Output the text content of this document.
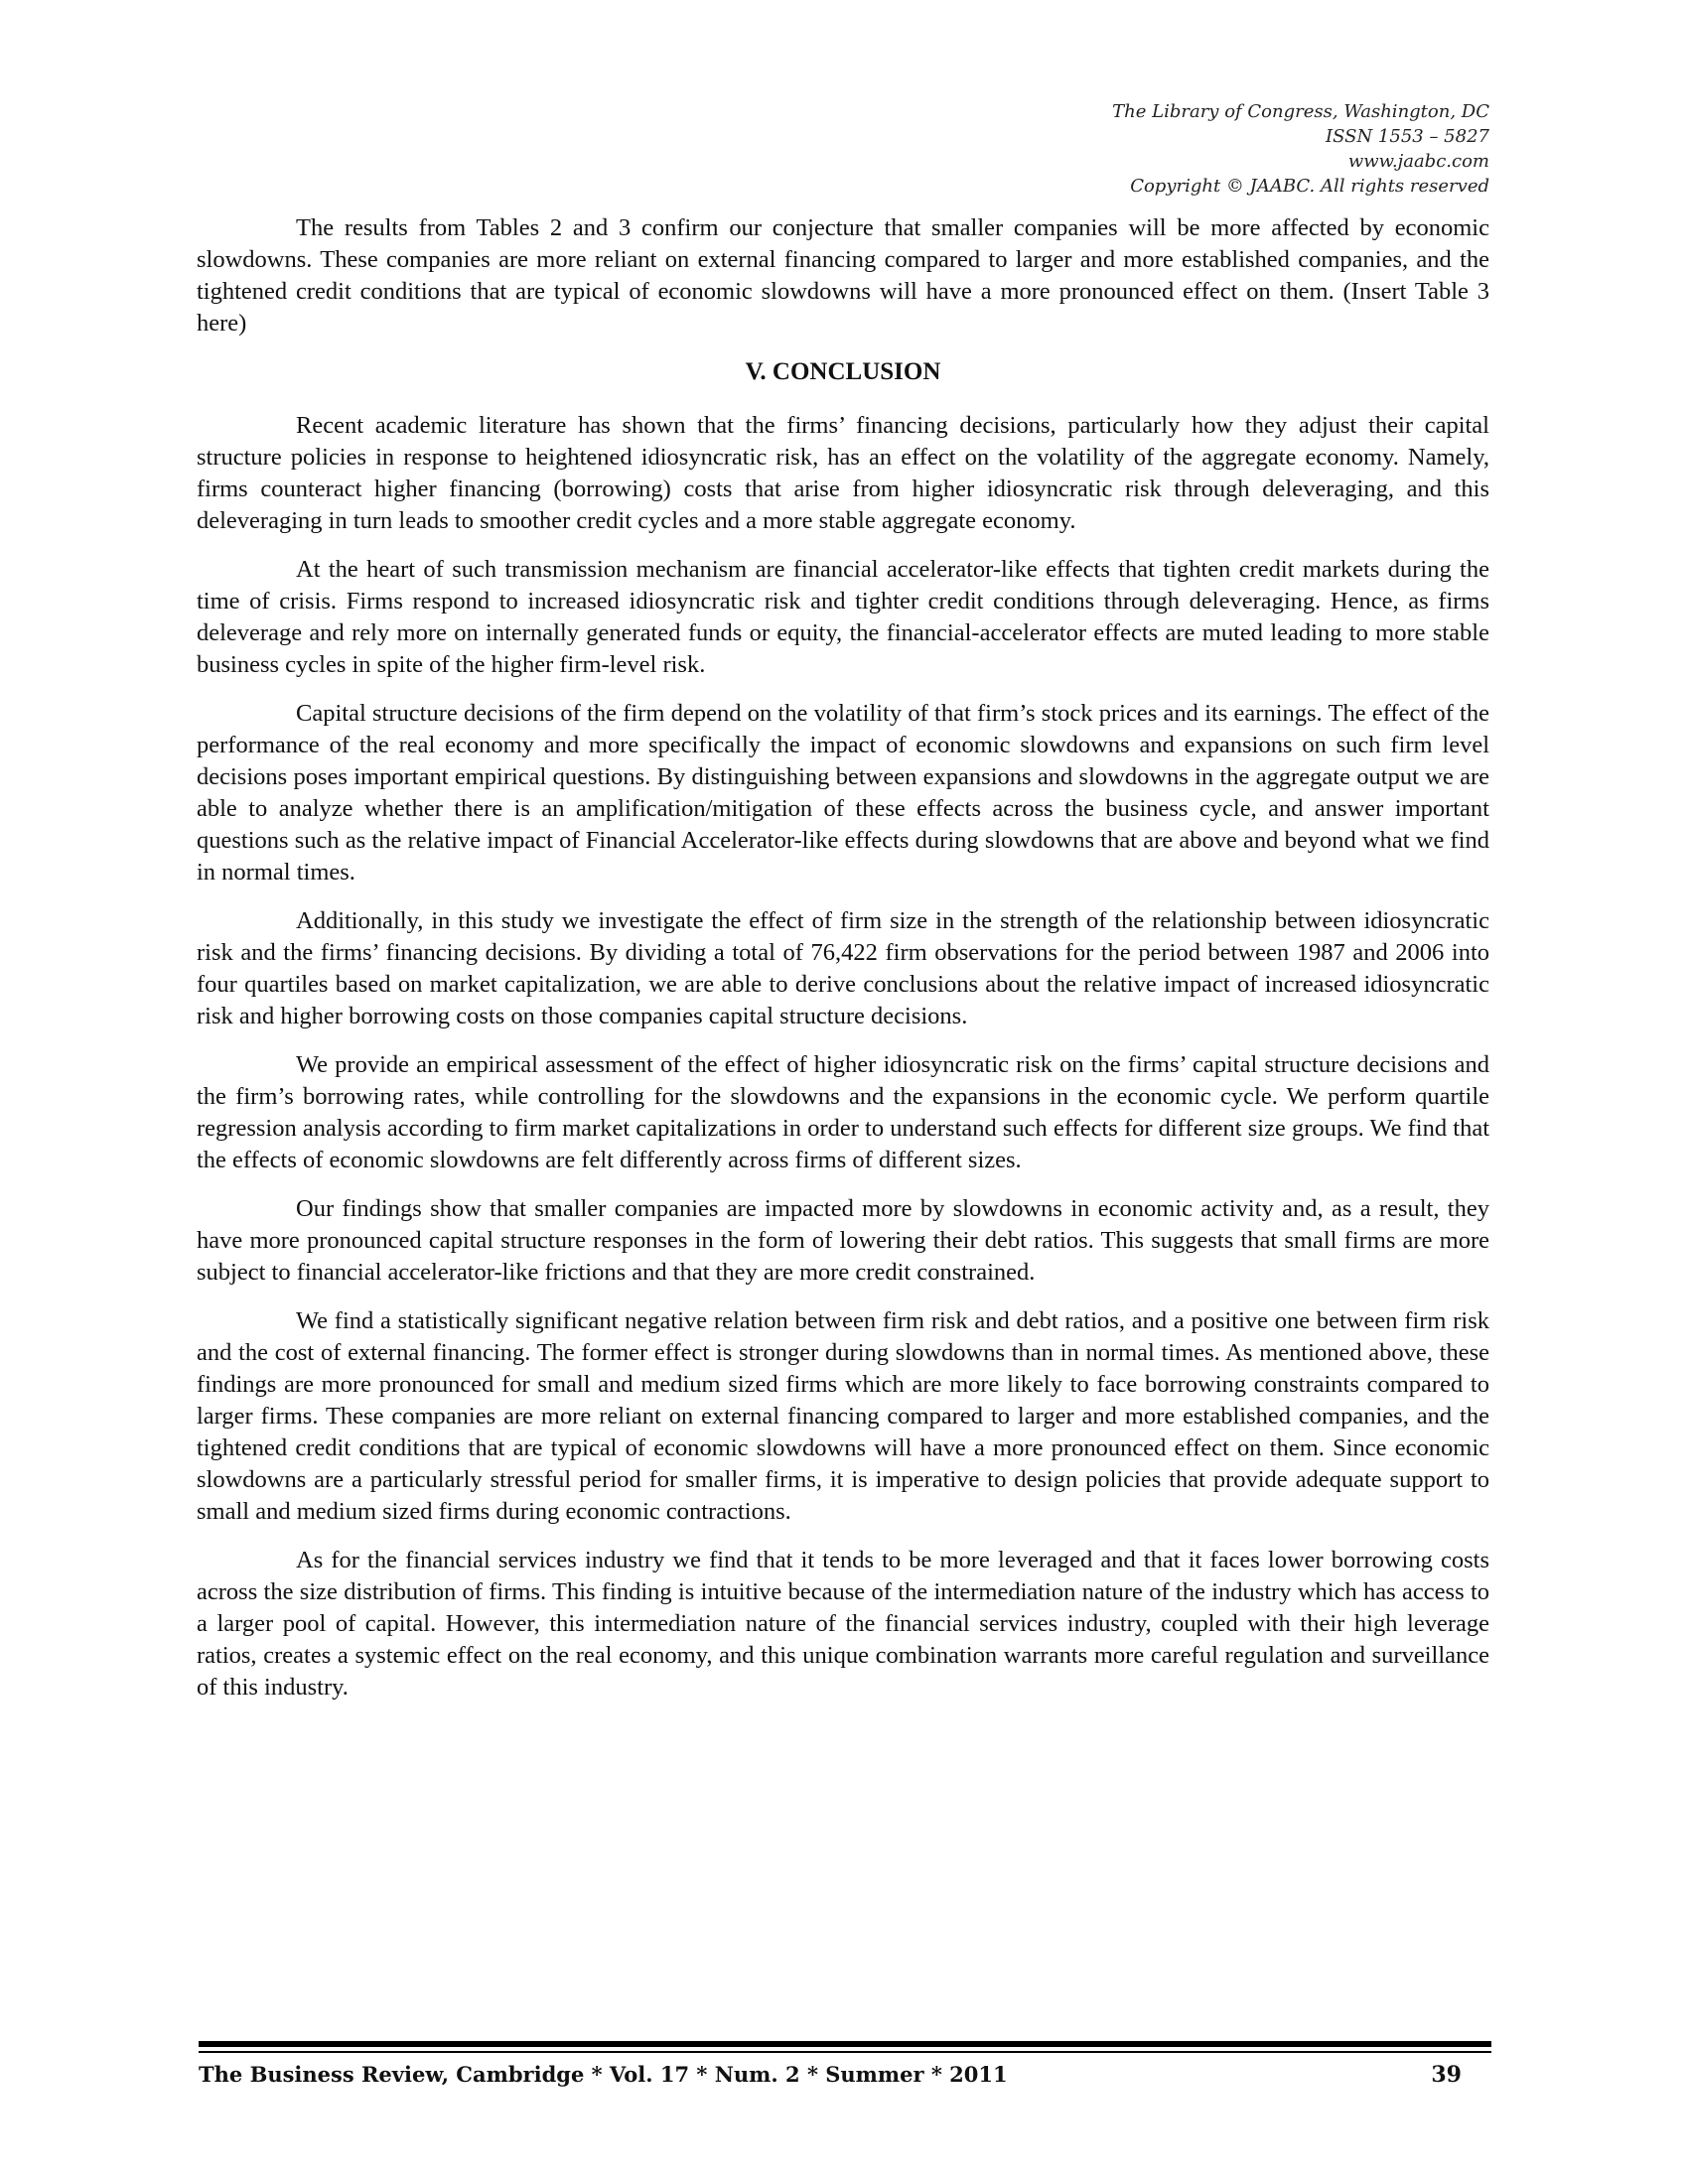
The Library of Congress, Washington, DC
ISSN 1553 – 5827
www.jaabc.com
Copyright © JAABC. All rights reserved

The results from Tables 2 and 3 confirm our conjecture that smaller companies will be more affected by economic slowdowns. These companies are more reliant on external financing compared to larger and more established companies, and the tightened credit conditions that are typical of economic slowdowns will have a more pronounced effect on them. (Insert Table 3 here)

V. CONCLUSION

Recent academic literature has shown that the firms’ financing decisions, particularly how they adjust their capital structure policies in response to heightened idiosyncratic risk, has an effect on the volatility of the aggregate economy. Namely, firms counteract higher financing (borrowing) costs that arise from higher idiosyncratic risk through deleveraging, and this deleveraging in turn leads to smoother credit cycles and a more stable aggregate economy.

At the heart of such transmission mechanism are financial accelerator-like effects that tighten credit markets during the time of crisis. Firms respond to increased idiosyncratic risk and tighter credit conditions through deleveraging. Hence, as firms deleverage and rely more on internally generated funds or equity, the financial-accelerator effects are muted leading to more stable business cycles in spite of the higher firm-level risk.

Capital structure decisions of the firm depend on the volatility of that firm’s stock prices and its earnings. The effect of the performance of the real economy and more specifically the impact of economic slowdowns and expansions on such firm level decisions poses important empirical questions. By distinguishing between expansions and slowdowns in the aggregate output we are able to analyze whether there is an amplification/mitigation of these effects across the business cycle, and answer important questions such as the relative impact of Financial Accelerator-like effects during slowdowns that are above and beyond what we find in normal times.

Additionally, in this study we investigate the effect of firm size in the strength of the relationship between idiosyncratic risk and the firms’ financing decisions. By dividing a total of 76,422 firm observations for the period between 1987 and 2006 into four quartiles based on market capitalization, we are able to derive conclusions about the relative impact of increased idiosyncratic risk and higher borrowing costs on those companies capital structure decisions.

We provide an empirical assessment of the effect of higher idiosyncratic risk on the firms’ capital structure decisions and the firm’s borrowing rates, while controlling for the slowdowns and the expansions in the economic cycle. We perform quartile regression analysis according to firm market capitalizations in order to understand such effects for different size groups. We find that the effects of economic slowdowns are felt differently across firms of different sizes.

Our findings show that smaller companies are impacted more by slowdowns in economic activity and, as a result, they have more pronounced capital structure responses in the form of lowering their debt ratios. This suggests that small firms are more subject to financial accelerator-like frictions and that they are more credit constrained.

We find a statistically significant negative relation between firm risk and debt ratios, and a positive one between firm risk and the cost of external financing. The former effect is stronger during slowdowns than in normal times. As mentioned above, these findings are more pronounced for small and medium sized firms which are more likely to face borrowing constraints compared to larger firms. These companies are more reliant on external financing compared to larger and more established companies, and the tightened credit conditions that are typical of economic slowdowns will have a more pronounced effect on them. Since economic slowdowns are a particularly stressful period for smaller firms, it is imperative to design policies that provide adequate support to small and medium sized firms during economic contractions.

As for the financial services industry we find that it tends to be more leveraged and that it faces lower borrowing costs across the size distribution of firms. This finding is intuitive because of the intermediation nature of the industry which has access to a larger pool of capital. However, this intermediation nature of the financial services industry, coupled with their high leverage ratios, creates a systemic effect on the real economy, and this unique combination warrants more careful regulation and surveillance of this industry.

The Business Review, Cambridge * Vol. 17 * Num. 2 * Summer * 2011	39
